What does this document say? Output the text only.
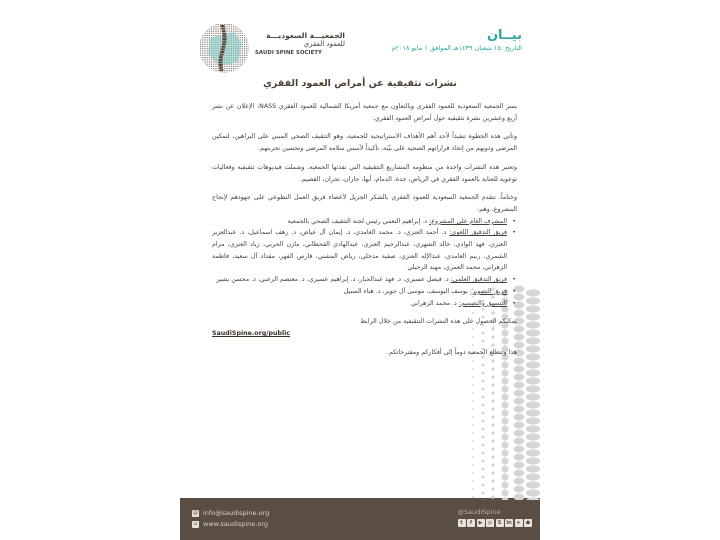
الجمعيـــة السعوديـــة
للعمود الفقري
SAUDI SPINE SOCIETY
بيــان
التاريخ :١٥ شعبان ١٤٣٩هـ الموافق ١ مايو ٢٠١٨م
نشرات تثقيفية عن أمراض العمود الفقري

يسر الجمعية السعودية للعمود الفقري وبالتعاون مع جمعية أمريكا الشمالية للعمود الفقري NASS، الإعلان عن نشر أربع وعشرين نشرة تثقيفية حول أمراض العمود الفقري.

وتأتي هذه الخطوة تنفيذاً لأحد أهم الأهداف الاستراتيجية للجمعية، وهو التثقيف الصحي المبني على البراهين، لتمكين المرضى وذويهم من إتخاذ قراراتهم الصحية على بيّنة، تأكيداً لأسس سلامة المرضى وتحسين تجربتهم.

وتعتبر هذه النشرات واحدة من منظومة المشاريع التثقيفية التي نفذتها الجمعية، وشملت فيديوهات تثقيفية وفعاليات توعوية للعناية بالعمود الفقري في الرياض، جدة، الدمام، أبها، جازان، نجران، القصيم.

وختاماً، تتقدم الجمعية السعودية للعمود الفقري بالشكر الجزيل لأعضاء فريق العمل التطوعي على جهودهم لإنجاح المشروع، وهم:

• المشرف العام على المشروع: د. إبراهيم النعمي رئيس لجنة التثقيف الصحي بالجمعية
• فريق التدقيق اللغوي: د. أحمد العنزي، د. محمد الغامدي، د. إيمان آل عياض، د. رهف اسماعيل، د. عبدالعزيز العنزي، فهد الوادي، خالد الشهري، عبدالرحيم العنزي، عبدالهادي القحطاني، مازن الحربي، زياد العنزي، مرام الشمري، رنيم الغامدي، عبدالإله العنزي، صفية مدخلي، رياض المشني، فارس الفهر، مقداد آل سعيد، فاطمة الزهراني، محمد العمري، مهند الرحيلي
• فريق التدقيق العلمي: د. فيصل عسيري، د. فهد عبدالجبار، د. إبراهيم عسيري، د. معتصم الزعبي، د. محسن بشير
• فريق التصوير: يوسف اليوسف، موسى آل جوير، د. هناء السبيل
• التنسيق والتصميم: د. محمد الزهراني

يمكنكم الحصول على هذه النشرات التثقيفية من خلال الرابط

SaudiSpine.org/public

هذا وتتطلع الجمعية دوماً إلى أفكاركم ومقترحاتكم.

@ info@saudispine.org
⌂ www.saudispine.org
@SaudiSpine
t	f	▶	◎	S	in ➤	☗
